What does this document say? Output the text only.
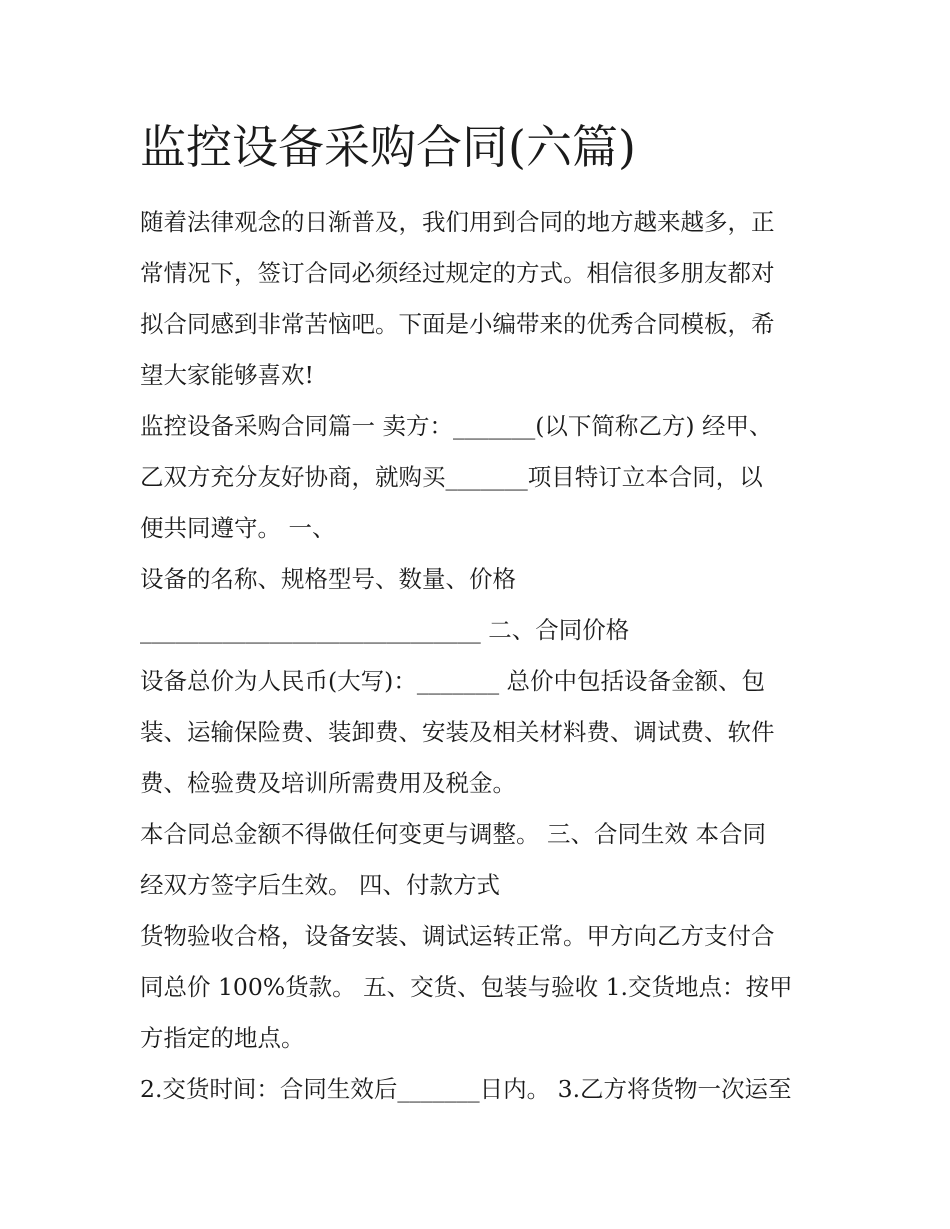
监控设备采购合同(六篇)

随着法律观念的日渐普及，我们用到合同的地方越来越多，正

常情况下，签订合同必须经过规定的方式。相信很多朋友都对

拟合同感到非常苦恼吧。下面是小编带来的优秀合同模板，希

望大家能够喜欢!

监控设备采购合同篇一 卖方：_______(以下简称乙方) 经甲、

乙双方充分友好协商，就购买_______项目特订立本合同，以

便共同遵守。 一、

设备的名称、规格型号、数量、价格

_____________________________ 二、合同价格

设备总价为人民币(大写)：_______ 总价中包括设备金额、包

装、运输保险费、装卸费、安装及相关材料费、调试费、软件

费、检验费及培训所需费用及税金。

本合同总金额不得做任何变更与调整。 三、合同生效 本合同

经双方签字后生效。 四、付款方式

货物验收合格，设备安装、调试运转正常。甲方向乙方支付合

同总价 100%货款。 五、交货、包装与验收 1.交货地点：按甲

方指定的地点。

2.交货时间：合同生效后_______日内。 3.乙方将货物一次运至
